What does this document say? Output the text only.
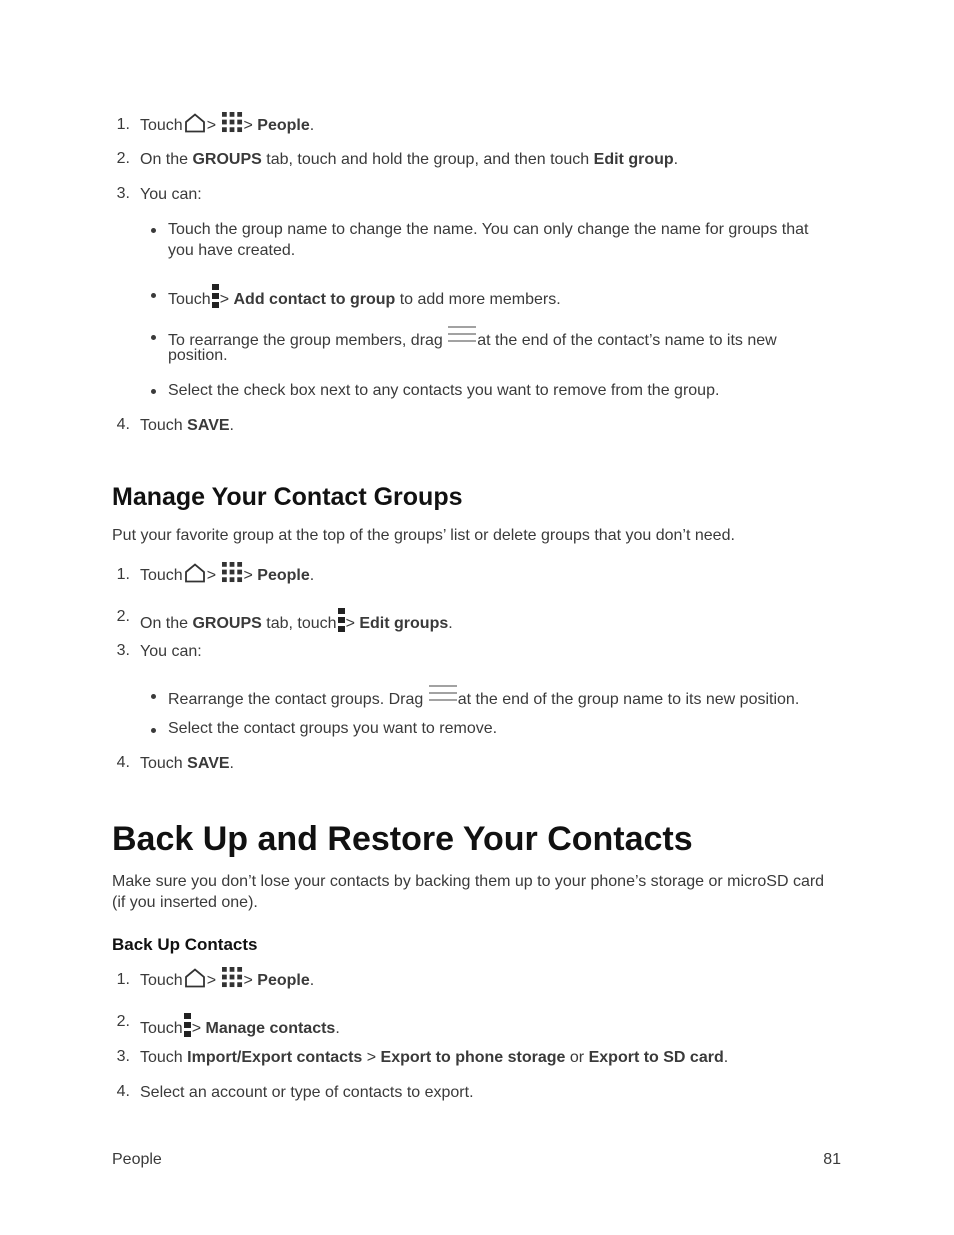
1. Touch > > People.
2. On the GROUPS tab, touch and hold the group, and then touch Edit group.
3. You can:
Touch the group name to change the name. You can only change the name for groups that
you have created.
Touch > Add contact to group to add more members.
To rearrange the group members, drag at the end of the contact’s name to its new
position.
Select the check box next to any contacts you want to remove from the group.
4. Touch SAVE.
Manage Your Contact Groups
Put your favorite group at the top of the groups’ list or delete groups that you don’t need.
1. Touch > > People.
2. On the GROUPS tab, touch > Edit groups.
3. You can:
Rearrange the contact groups. Drag at the end of the group name to its new position.
Select the contact groups you want to remove.
4. Touch SAVE.
Back Up and Restore Your Contacts
Make sure you don’t lose your contacts by backing them up to your phone’s storage or microSD card
(if you inserted one).
Back Up Contacts
1. Touch > > People.
2. Touch > Manage contacts.
3. Touch Import/Export contacts > Export to phone storage or Export to SD card.
4. Select an account or type of contacts to export.
People	81
